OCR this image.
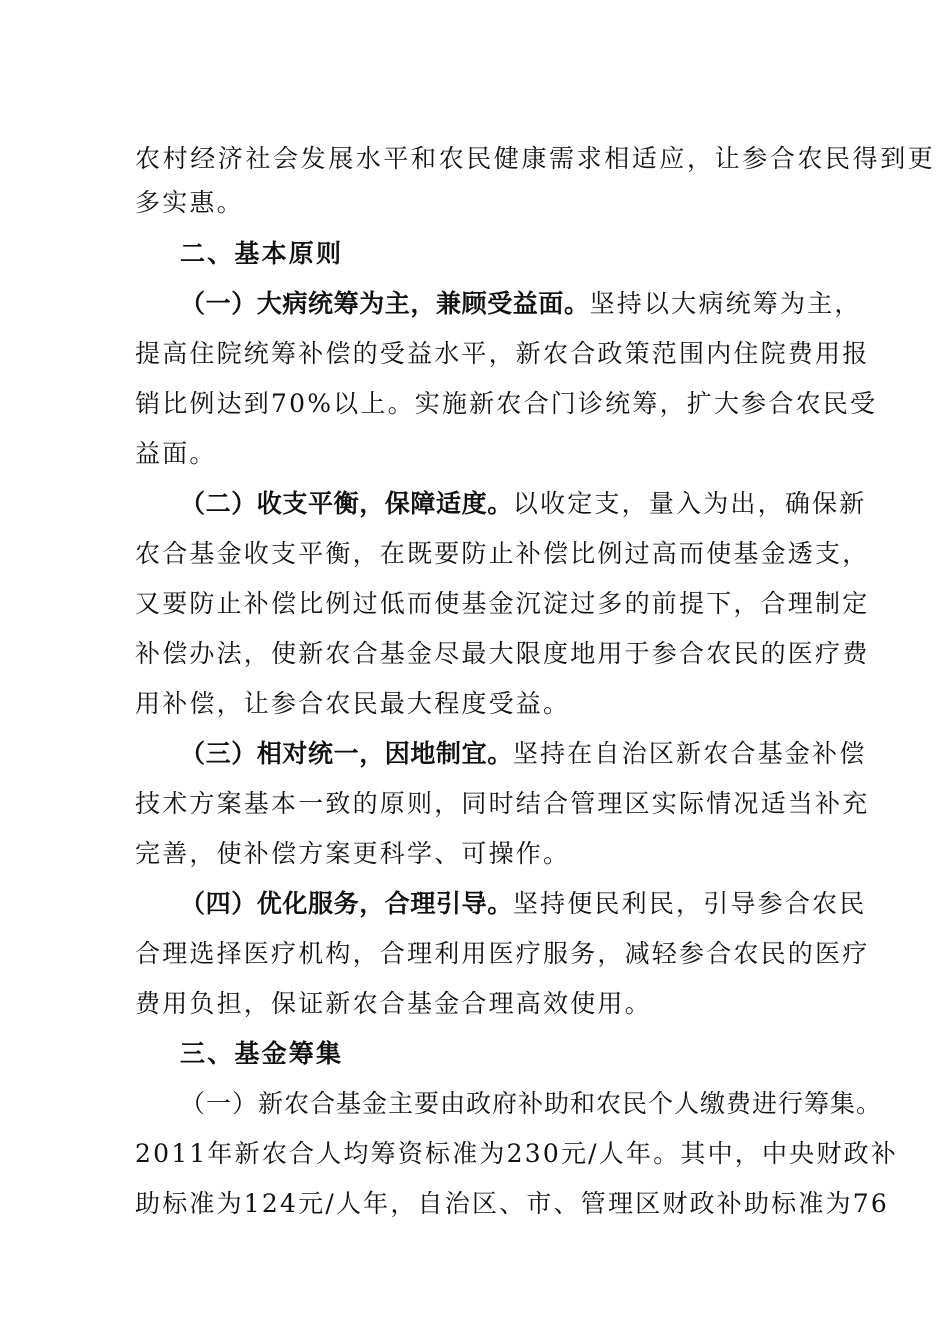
农村经济社会发展水平和农民健康需求相适应，让参合农民得到更
多实惠。
二、基本原则
（一）大病统筹为主，兼顾受益面。坚持以大病统筹为主，
提高住院统筹补偿的受益水平，新农合政策范围内住院费用报
销比例达到70%以上。实施新农合门诊统筹，扩大参合农民受
益面。
（二）收支平衡，保障适度。以收定支，量入为出，确保新
农合基金收支平衡，在既要防止补偿比例过高而使基金透支，
又要防止补偿比例过低而使基金沉淀过多的前提下，合理制定
补偿办法，使新农合基金尽最大限度地用于参合农民的医疗费
用补偿，让参合农民最大程度受益。
（三）相对统一，因地制宜。坚持在自治区新农合基金补偿
技术方案基本一致的原则，同时结合管理区实际情况适当补充
完善，使补偿方案更科学、可操作。
（四）优化服务，合理引导。坚持便民利民，引导参合农民
合理选择医疗机构，合理利用医疗服务，减轻参合农民的医疗
费用负担，保证新农合基金合理高效使用。
三、基金筹集
（一）新农合基金主要由政府补助和农民个人缴费进行筹集。
2011年新农合人均筹资标准为230元/人年。其中，中央财政补
助标准为124元/人年，自治区、市、管理区财政补助标准为76
